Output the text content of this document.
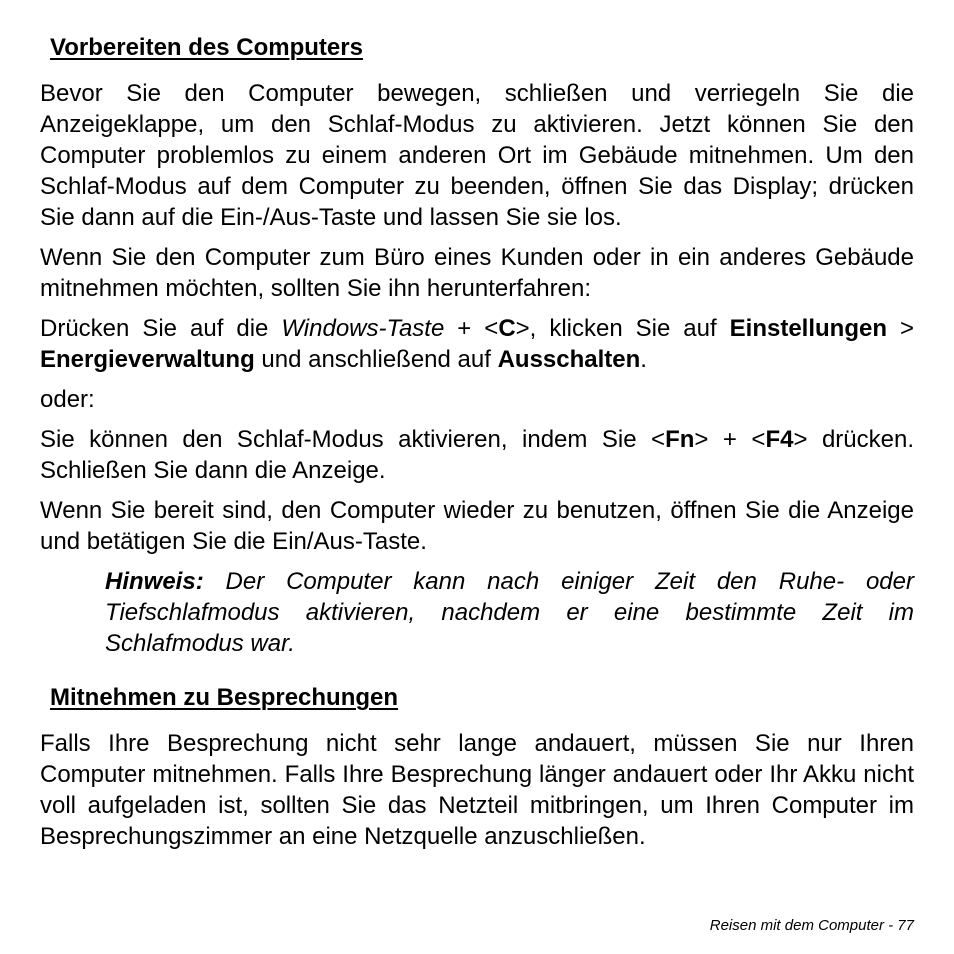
Vorbereiten des Computers

Bevor Sie den Computer bewegen, schließen und verriegeln Sie die Anzeigeklappe, um den Schlaf-Modus zu aktivieren. Jetzt können Sie den Computer problemlos zu einem anderen Ort im Gebäude mitnehmen. Um den Schlaf-Modus auf dem Computer zu beenden, öffnen Sie das Display; drücken Sie dann auf die Ein-/Aus-Taste und lassen Sie sie los.

Wenn Sie den Computer zum Büro eines Kunden oder in ein anderes Gebäude mitnehmen möchten, sollten Sie ihn herunterfahren:

Drücken Sie auf die Windows-Taste + <C>, klicken Sie auf Einstellungen > Energieverwaltung und anschließend auf Ausschalten.

oder:

Sie können den Schlaf-Modus aktivieren, indem Sie <Fn> + <F4> drücken. Schließen Sie dann die Anzeige.

Wenn Sie bereit sind, den Computer wieder zu benutzen, öffnen Sie die Anzeige und betätigen Sie die Ein/Aus-Taste.

Hinweis: Der Computer kann nach einiger Zeit den Ruhe- oder Tiefschlafmodus aktivieren, nachdem er eine bestimmte Zeit im Schlafmodus war.

Mitnehmen zu Besprechungen

Falls Ihre Besprechung nicht sehr lange andauert, müssen Sie nur Ihren Computer mitnehmen. Falls Ihre Besprechung länger andauert oder Ihr Akku nicht voll aufgeladen ist, sollten Sie das Netzteil mitbringen, um Ihren Computer im Besprechungszimmer an eine Netzquelle anzuschließen.

Reisen mit dem Computer - 77
